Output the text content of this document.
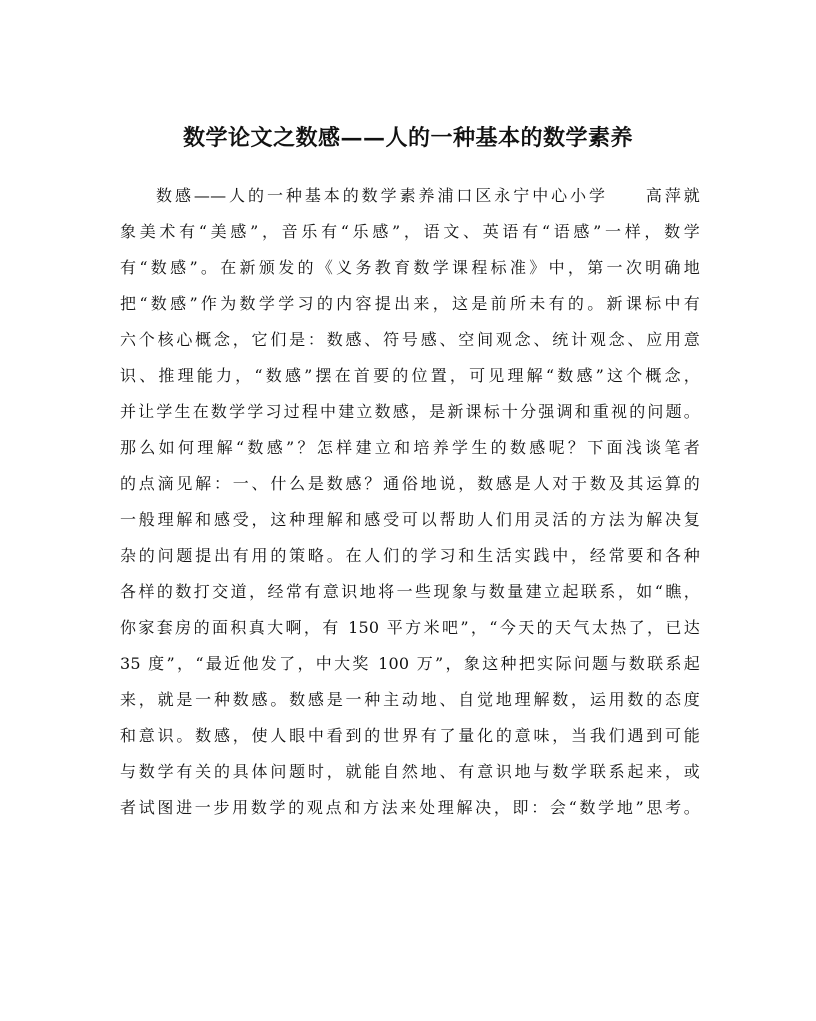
数学论文之数感——人的一种基本的数学素养
数感——人的一种基本的数学素养浦口区永宁中心小学　　高萍就
象美术有“美感”，音乐有“乐感”，语文、英语有“语感”一样，数学
有“数感”。在新颁发的《义务教育数学课程标准》中，第一次明确地
把“数感”作为数学学习的内容提出来，这是前所未有的。新课标中有
六个核心概念，它们是：数感、符号感、空间观念、统计观念、应用意
识、推理能力，“数感”摆在首要的位置，可见理解“数感”这个概念，
并让学生在数学学习过程中建立数感，是新课标十分强调和重视的问题。
那么如何理解“数感”？怎样建立和培养学生的数感呢？下面浅谈笔者
的点滴见解：一、什么是数感？通俗地说，数感是人对于数及其运算的
一般理解和感受，这种理解和感受可以帮助人们用灵活的方法为解决复
杂的问题提出有用的策略。在人们的学习和生活实践中，经常要和各种
各样的数打交道，经常有意识地将一些现象与数量建立起联系，如“瞧，
你家套房的面积真大啊，有 150 平方米吧”，“今天的天气太热了，已达
35 度”，“最近他发了，中大奖 100 万”，象这种把实际问题与数联系起
来，就是一种数感。数感是一种主动地、自觉地理解数，运用数的态度
和意识。数感，使人眼中看到的世界有了量化的意味，当我们遇到可能
与数学有关的具体问题时，就能自然地、有意识地与数学联系起来，或
者试图进一步用数学的观点和方法来处理解决，即：会“数学地”思考。
